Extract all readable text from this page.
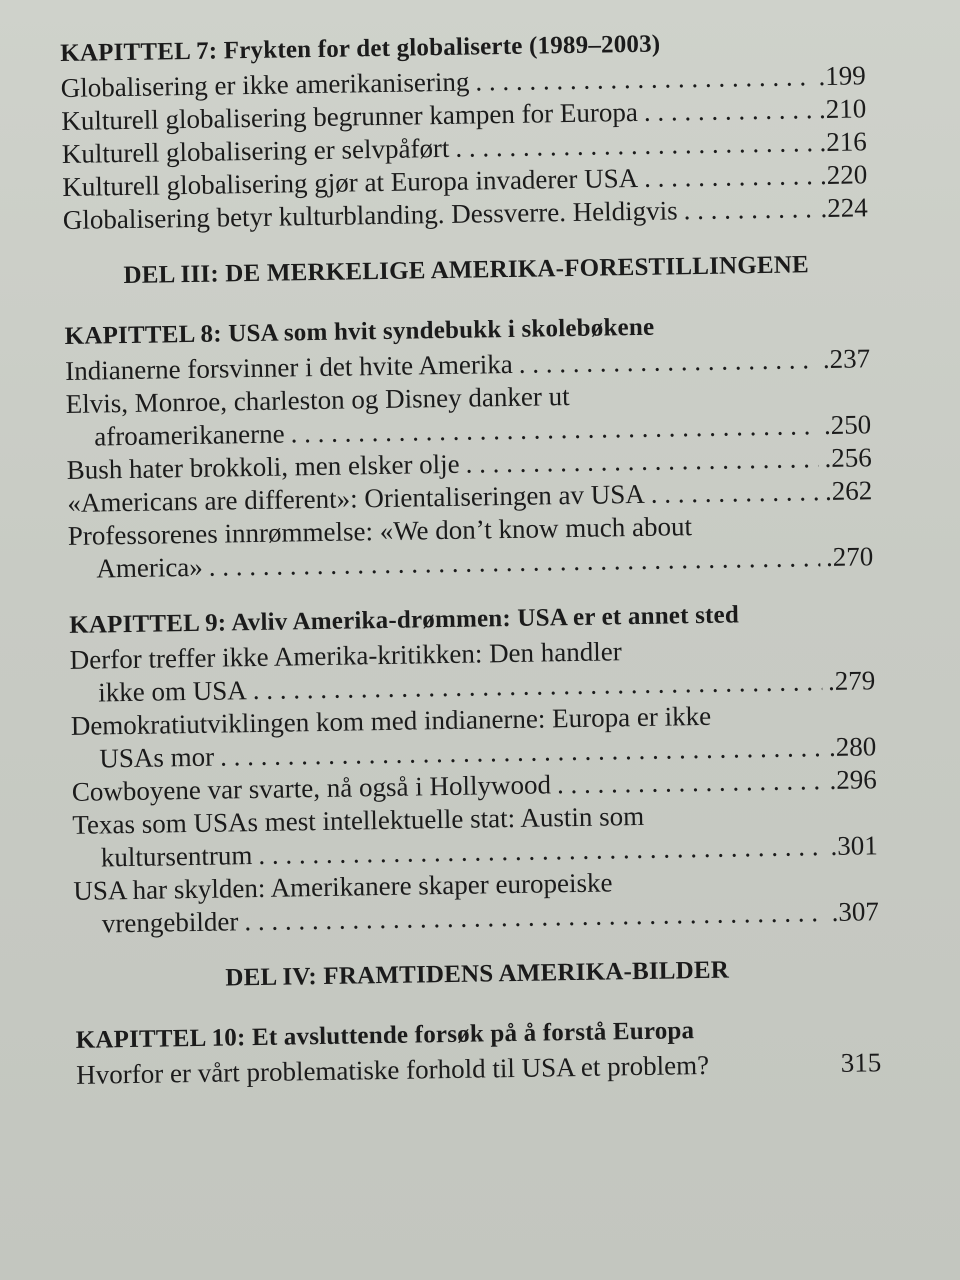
KAPITTEL 7: Frykten for det globaliserte (1989–2003)
Globalisering er ikke amerikanisering . . .	.199
Kulturell globalisering begrunner kampen for Europa . . .	.210
Kulturell globalisering er selvpåført . . .	.216
Kulturell globalisering gjør at Europa invaderer USA . . .	.220
Globalisering betyr kulturblanding. Dessverre. Heldigvis . . .	.224
DEL III: DE MERKELIGE AMERIKA-FORESTILLINGENE
KAPITTEL 8: USA som hvit syndebukk i skolebøkene
Indianerne forsvinner i det hvite Amerika . . .	.237
Elvis, Monroe, charleston og Disney danker ut
afroamerikanerne . . .	.250
Bush hater brokkoli, men elsker olje . . .	.256
«Americans are different»: Orientaliseringen av USA . . .	.262
Professorenes innrømmelse: «We don’t know much about
America» . . .	.270
KAPITTEL 9: Avliv Amerika-drømmen: USA er et annet sted
Derfor treffer ikke Amerika-kritikken: Den handler
ikke om USA . . .	.279
Demokratiutviklingen kom med indianerne: Europa er ikke
USAs mor . . .	.280
Cowboyene var svarte, nå også i Hollywood . . .	.296
Texas som USAs mest intellektuelle stat: Austin som
kultursentrum . . .	.301
USA har skylden: Amerikanere skaper europeiske
vrengebilder . . .	.307
DEL IV: FRAMTIDENS AMERIKA-BILDER
KAPITTEL 10: Et avsluttende forsøk på å forstå Europa
Hvorfor er vårt problematiske forhold til USA et problem?	315
